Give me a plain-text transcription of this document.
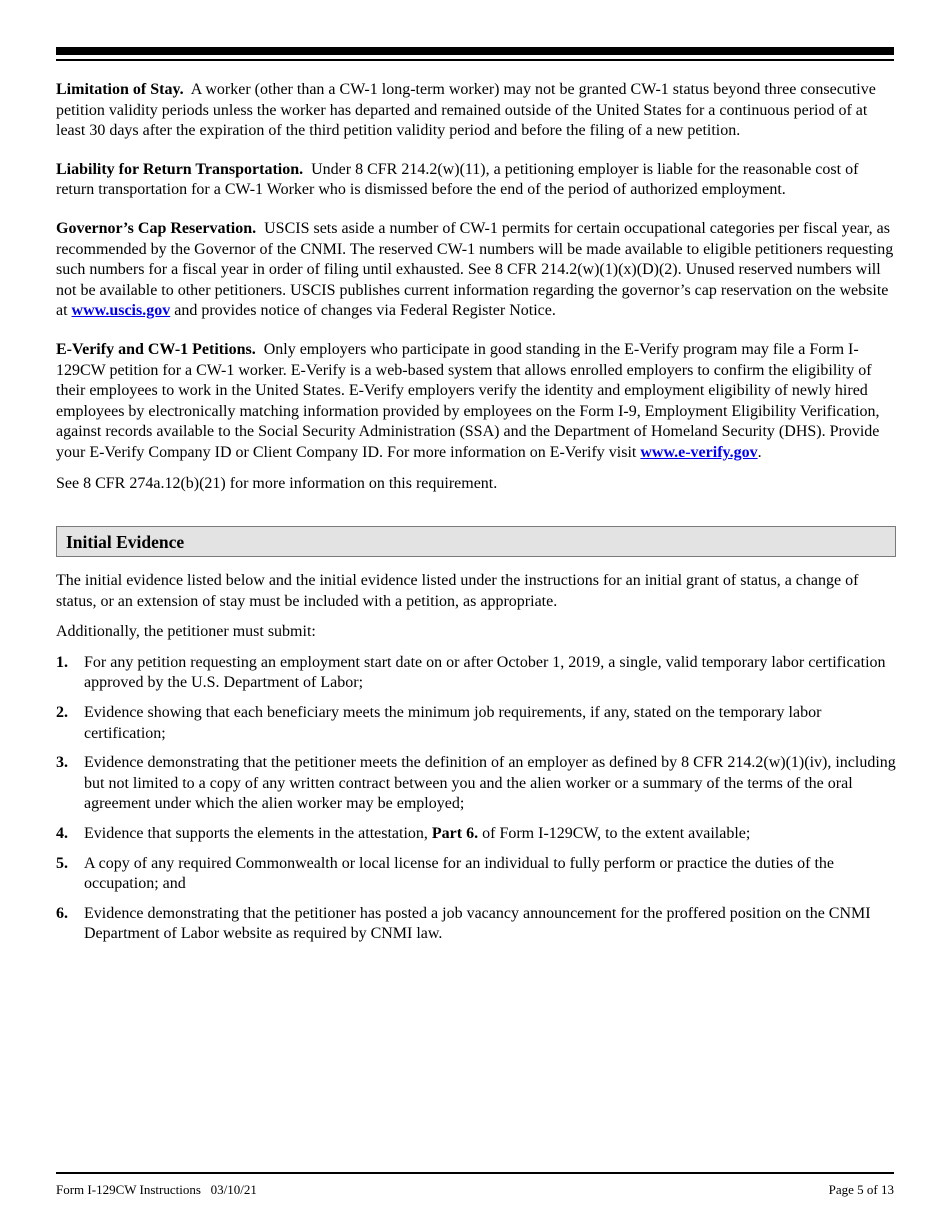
Limitation of Stay. A worker (other than a CW-1 long-term worker) may not be granted CW-1 status beyond three consecutive petition validity periods unless the worker has departed and remained outside of the United States for a continuous period of at least 30 days after the expiration of the third petition validity period and before the filing of a new petition.

Liability for Return Transportation. Under 8 CFR 214.2(w)(11), a petitioning employer is liable for the reasonable cost of return transportation for a CW-1 Worker who is dismissed before the end of the period of authorized employment.

Governor’s Cap Reservation. USCIS sets aside a number of CW-1 permits for certain occupational categories per fiscal year, as recommended by the Governor of the CNMI. The reserved CW-1 numbers will be made available to eligible petitioners requesting such numbers for a fiscal year in order of filing until exhausted. See 8 CFR 214.2(w)(1)(x)(D)(2). Unused reserved numbers will not be available to other petitioners. USCIS publishes current information regarding the governor’s cap reservation on the website at www.uscis.gov and provides notice of changes via Federal Register Notice.

E-Verify and CW-1 Petitions. Only employers who participate in good standing in the E-Verify program may file a Form I-129CW petition for a CW-1 worker. E-Verify is a web-based system that allows enrolled employers to confirm the eligibility of their employees to work in the United States. E-Verify employers verify the identity and employment eligibility of newly hired employees by electronically matching information provided by employees on the Form I-9, Employment Eligibility Verification, against records available to the Social Security Administration (SSA) and the Department of Homeland Security (DHS). Provide your E-Verify Company ID or Client Company ID. For more information on E-Verify visit www.e-verify.gov.

See 8 CFR 274a.12(b)(21) for more information on this requirement.

Initial Evidence

The initial evidence listed below and the initial evidence listed under the instructions for an initial grant of status, a change of status, or an extension of stay must be included with a petition, as appropriate.

Additionally, the petitioner must submit:

1.	For any petition requesting an employment start date on or after October 1, 2019, a single, valid temporary labor certification approved by the U.S. Department of Labor;
2.	Evidence showing that each beneficiary meets the minimum job requirements, if any, stated on the temporary labor certification;
3.	Evidence demonstrating that the petitioner meets the definition of an employer as defined by 8 CFR 214.2(w)(1)(iv), including but not limited to a copy of any written contract between you and the alien worker or a summary of the terms of the oral agreement under which the alien worker may be employed;
4.	Evidence that supports the elements in the attestation, Part 6. of Form I-129CW, to the extent available;
5.	A copy of any required Commonwealth or local license for an individual to fully perform or practice the duties of the occupation; and
6.	Evidence demonstrating that the petitioner has posted a job vacancy announcement for the proffered position on the CNMI Department of Labor website as required by CNMI law.
Form I-129CW Instructions   03/10/21	Page 5 of 13
